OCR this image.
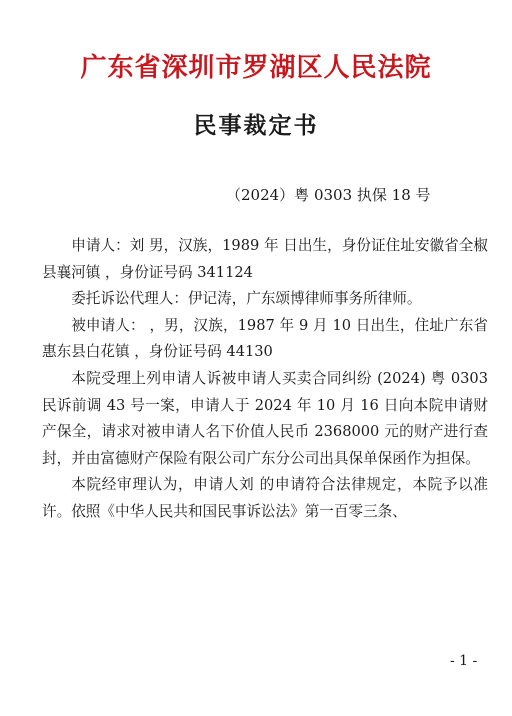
广东省深圳市罗湖区人民法院
民事裁定书
（2024）粤 0303 执保 18 号

申请人：刘 男，汉族，1989 年 日出生，身份证住址安徽省全椒县襄河镇 ，身份证号码 341124

委托诉讼代理人：伊记涛，广东颂博律师事务所律师。

被申请人： ，男，汉族，1987 年 9 月 10 日出生，住址广东省惠东县白花镇 ，身份证号码 44130

本院受理上列申请人诉被申请人买卖合同纠纷 (2024) 粤 0303 民诉前调 43 号一案，申请人于 2024 年 10 月 16 日向本院申请财产保全，请求对被申请人名下价值人民币 2368000 元的财产进行查封，并由富德财产保险有限公司广东分公司出具保单保函作为担保。

本院经审理认为，申请人刘 的申请符合法律规定，本院予以准许。依照《中华人民共和国民事诉讼法》第一百零三条、

- 1 -
